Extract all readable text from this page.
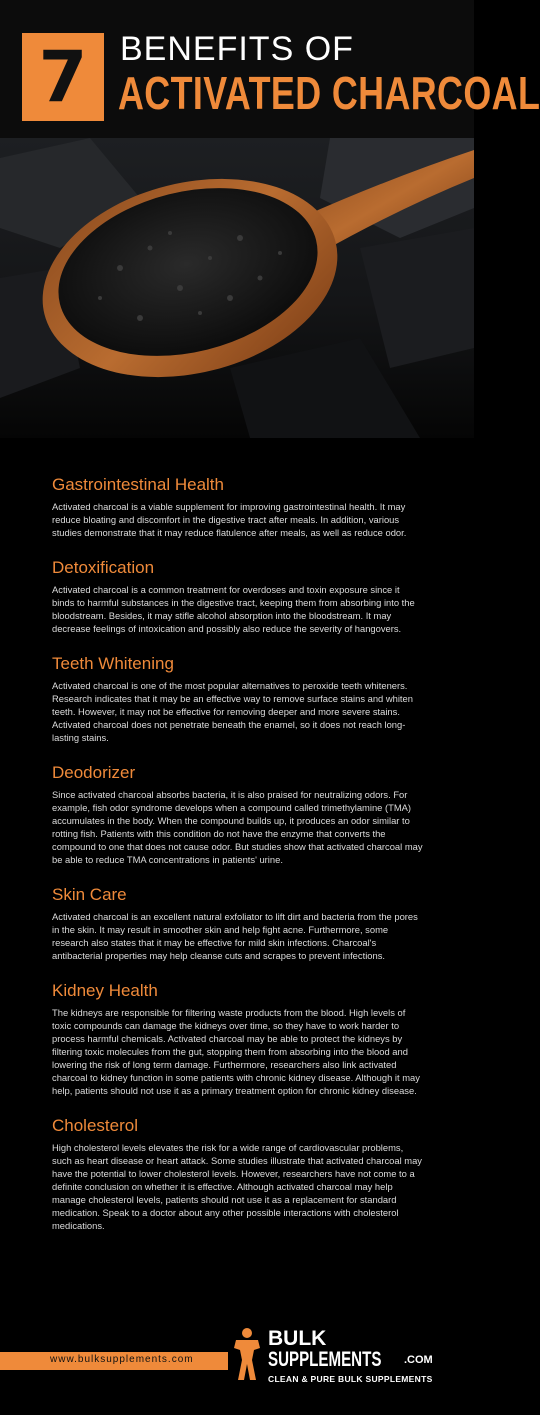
7 BENEFITS OF
ACTIVATED CHARCOAL
Gastrointestinal Health

Activated charcoal is a viable supplement for improving gastrointestinal health. It may reduce bloating and discomfort in the digestive tract after meals. In addition, various studies demonstrate that it may reduce flatulence after meals, as well as reduce odor.

Detoxification

Activated charcoal is a common treatment for overdoses and toxin exposure since it binds to harmful substances in the digestive tract, keeping them from absorbing into the bloodstream. Besides, it may stifle alcohol absorption into the bloodstream. It may decrease feelings of intoxication and possibly also reduce the severity of hangovers.

Teeth Whitening

Activated charcoal is one of the most popular alternatives to peroxide teeth whiteners. Research indicates that it may be an effective way to remove surface stains and whiten teeth. However, it may not be effective for removing deeper and more severe stains. Activated charcoal does not penetrate beneath the enamel, so it does not reach long-lasting stains.

Deodorizer

Since activated charcoal absorbs bacteria, it is also praised for neutralizing odors. For example, fish odor syndrome develops when a compound called trimethylamine (TMA) accumulates in the body. When the compound builds up, it produces an odor similar to rotting fish. Patients with this condition do not have the enzyme that converts the compound to one that does not cause odor. But studies show that activated charcoal may be able to reduce TMA concentrations in patients' urine.

Skin Care

Activated charcoal is an excellent natural exfoliator to lift dirt and bacteria from the pores in the skin. It may result in smoother skin and help fight acne. Furthermore, some research also states that it may be effective for mild skin infections. Charcoal's antibacterial properties may help cleanse cuts and scrapes to prevent infections.

Kidney Health

The kidneys are responsible for filtering waste products from the blood. High levels of toxic compounds can damage the kidneys over time, so they have to work harder to process harmful chemicals. Activated charcoal may be able to protect the kidneys by filtering toxic molecules from the gut, stopping them from absorbing into the blood and lowering the risk of long term damage. Furthermore, researchers also link activated charcoal to kidney function in some patients with chronic kidney disease. Although it may help, patients should not use it as a primary treatment option for chronic kidney disease.

Cholesterol

High cholesterol levels elevates the risk for a wide range of cardiovascular problems, such as heart disease or heart attack. Some studies illustrate that activated charcoal may have the potential to lower cholesterol levels. However, researchers have not come to a definite conclusion on whether it is effective. Although activated charcoal may help manage cholesterol levels, patients should not use it as a replacement for standard medication. Speak to a doctor about any other possible interactions with cholesterol medications.

www.bulksupplements.com
BULK
SUPPLEMENTS .COM
CLEAN & PURE BULK SUPPLEMENTS
